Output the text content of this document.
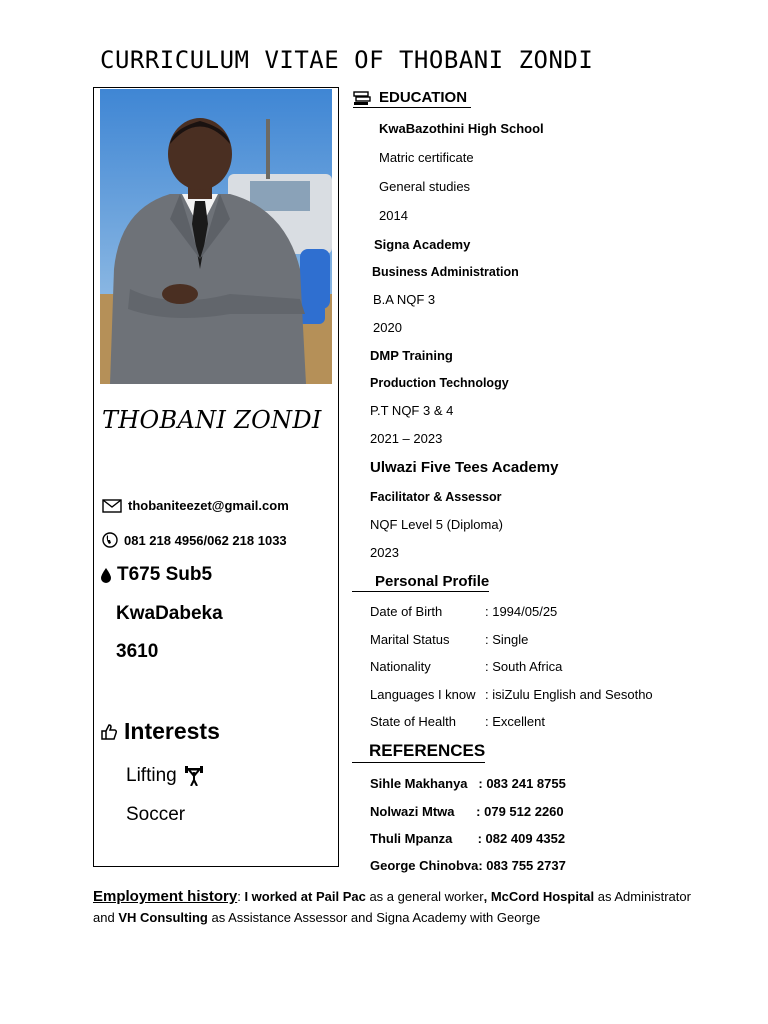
CURRICULUM VITAE OF THOBANI ZONDI
THOBANI ZONDI
thobaniteezet@gmail.com
081 218 4956/062 218 1033
T675 Sub5
KwaDabeka
3610
Interests
Lifting
Soccer
EDUCATION
KwaBazothini High School
Matric certificate
General studies
2014
Signa Academy
Business Administration
B.A NQF 3
2020
DMP Training
Production Technology
P.T NQF 3 & 4
2021 – 2023
Ulwazi Five Tees Academy
Facilitator & Assessor
NQF Level 5 (Diploma)
2023
Personal Profile
Date of Birth	: 1994/05/25
Marital Status	: Single
Nationality	: South Africa
Languages I know : isiZulu English and Sesotho
State of Health : Excellent
REFERENCES
Sihle Makhanya   : 083 241 8755
Nolwazi Mtwa      : 079 512 2260
Thuli Mpanza       : 082 409 4352
George Chinobva: 083 755 2737
Employment history: I worked at Pail Pac as a general worker, McCord Hospital as Administrator and VH Consulting as Assistance Assessor and Signa Academy with George
